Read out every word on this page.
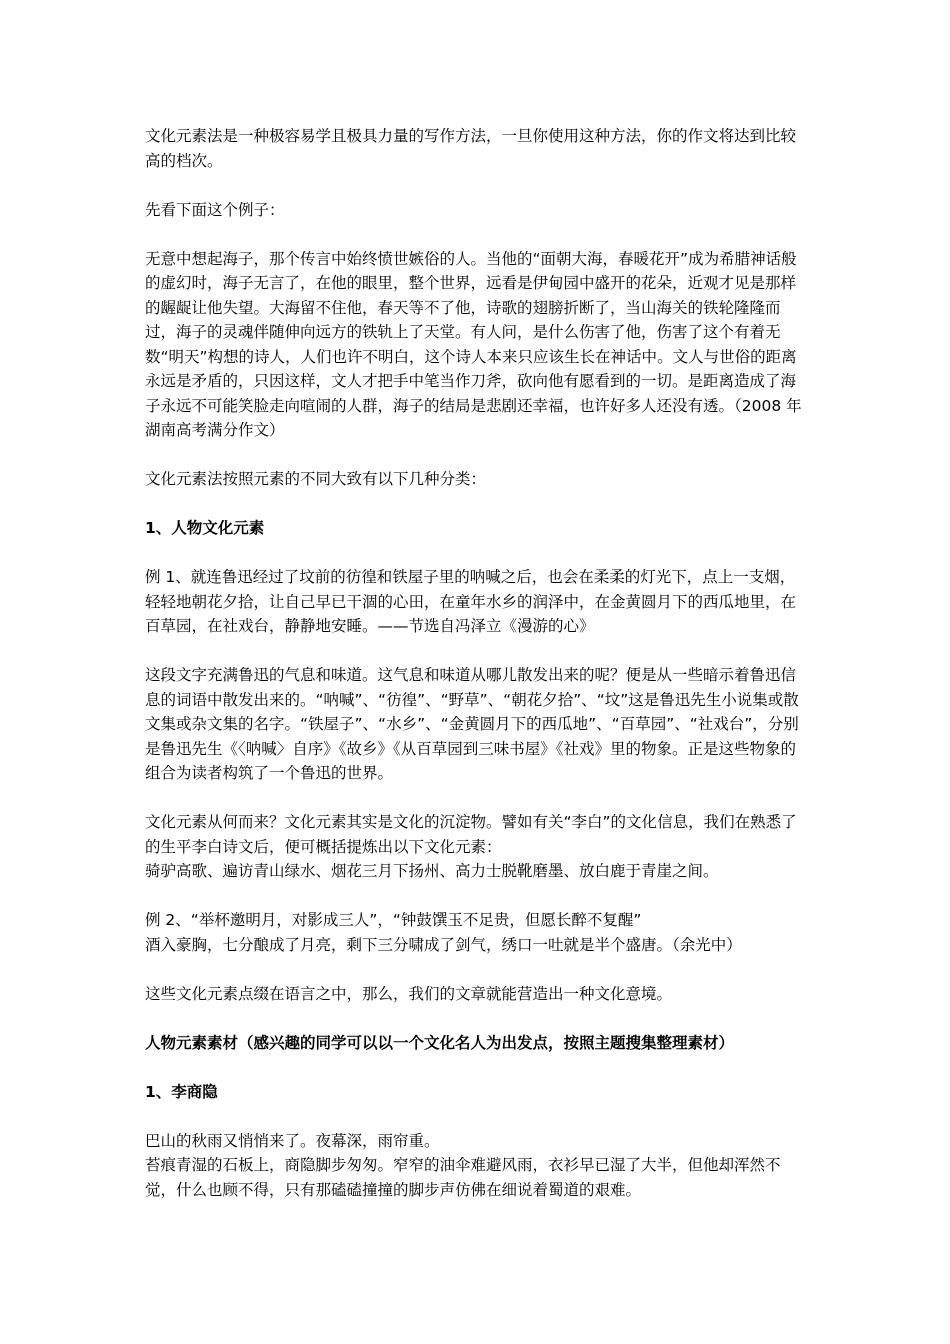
文化元素法是一种极容易学且极具力量的写作方法，一旦你使用这种方法，你的作文将达到比较高的档次。

先看下面这个例子：

无意中想起海子，那个传言中始终愤世嫉俗的人。当他的“面朝大海，春暖花开”成为希腊神话般的虚幻时，海子无言了，在他的眼里，整个世界，远看是伊甸园中盛开的花朵，近观才见是那样的龌龊让他失望。大海留不住他，春天等不了他，诗歌的翅膀折断了，当山海关的铁轮隆隆而过，海子的灵魂伴随伸向远方的铁轨上了天堂。有人问，是什么伤害了他，伤害了这个有着无数“明天”构想的诗人，人们也许不明白，这个诗人本来只应该生长在神话中。文人与世俗的距离永远是矛盾的，只因这样，文人才把手中笔当作刀斧，砍向他有愿看到的一切。是距离造成了海子永远不可能笑脸走向喧闹的人群，海子的结局是悲剧还幸福，也许好多人还没有透。（2008 年湖南高考满分作文）

文化元素法按照元素的不同大致有以下几种分类：

1、人物文化元素

例 1、就连鲁迅经过了坟前的彷徨和铁屋子里的呐喊之后，也会在柔柔的灯光下，点上一支烟，轻轻地朝花夕拾，让自己早已干涸的心田，在童年水乡的润泽中，在金黄圆月下的西瓜地里，在百草园，在社戏台，静静地安睡。——节选自冯泽立《漫游的心》

这段文字充满鲁迅的气息和味道。这气息和味道从哪儿散发出来的呢？便是从一些暗示着鲁迅信息的词语中散发出来的。“呐喊”、“彷徨”、“野草”、“朝花夕拾”、“坟”这是鲁迅先生小说集或散文集或杂文集的名字。“铁屋子”、“水乡”、“金黄圆月下的西瓜地”、“百草园”、“社戏台”，分别是鲁迅先生《〈呐喊〉自序》《故乡》《从百草园到三味书屋》《社戏》里的物象。正是这些物象的组合为读者构筑了一个鲁迅的世界。

文化元素从何而来？文化元素其实是文化的沉淀物。譬如有关“李白”的文化信息，我们在熟悉了的生平李白诗文后，便可概括提炼出以下文化元素：

骑驴高歌、遍访青山绿水、烟花三月下扬州、高力士脱靴磨墨、放白鹿于青崖之间。

例 2、“举杯邀明月，对影成三人”，“钟鼓馔玉不足贵，但愿长醉不复醒”

酒入豪胸，七分酿成了月亮，剩下三分啸成了剑气，绣口一吐就是半个盛唐。（余光中）

这些文化元素点缀在语言之中，那么，我们的文章就能营造出一种文化意境。

人物元素素材（感兴趣的同学可以以一个文化名人为出发点，按照主题搜集整理素材）

1、李商隐

巴山的秋雨又悄悄来了。夜幕深，雨帘重。

苔痕青湿的石板上，商隐脚步匆匆。窄窄的油伞难避风雨，衣衫早已湿了大半，但他却浑然不觉，什么也顾不得，只有那磕磕撞撞的脚步声仿佛在细说着蜀道的艰难。
